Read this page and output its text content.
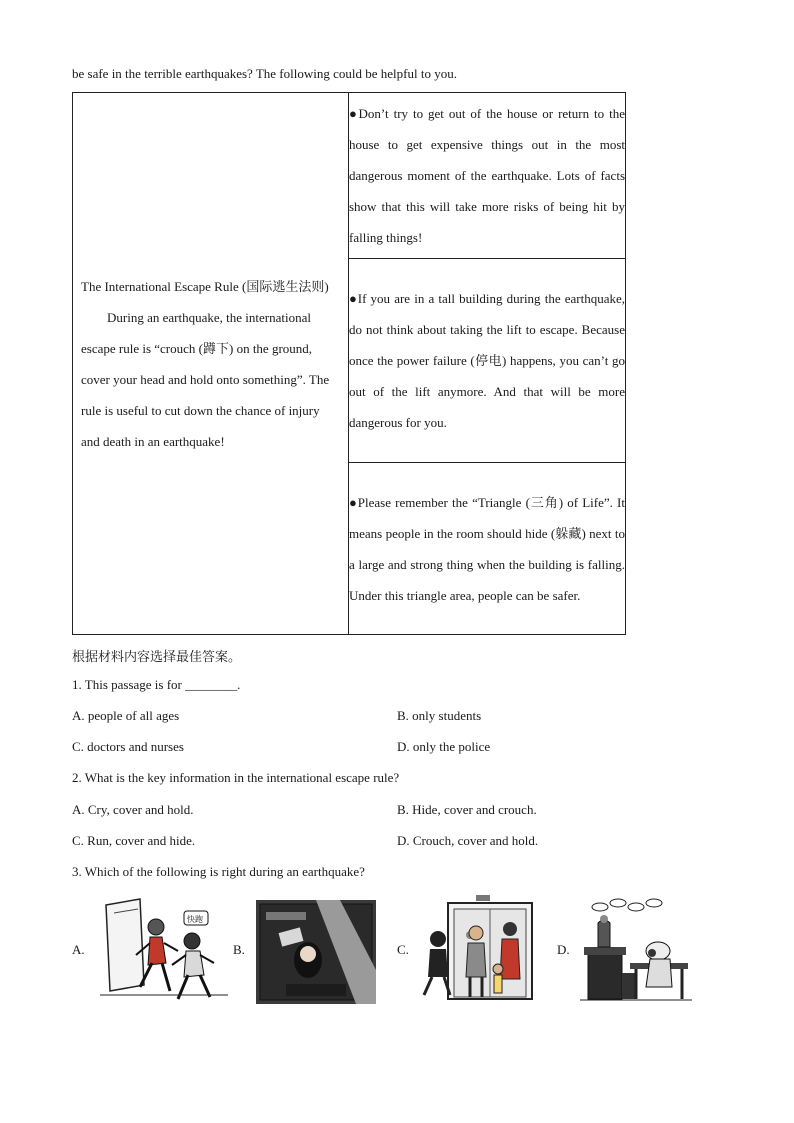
be safe in the terrible earthquakes? The following could be helpful to you.
The International Escape Rule (国际逃生法则)
During an earthquake, the international escape rule is “crouch (蹲下) on the ground, cover your head and hold onto something”. The rule is useful to cut down the chance of injury and death in an earthquake!
	●Don’t try to get out of the house or return to the house to get expensive things out in the most dangerous moment of the earthquake. Lots of facts show that this will take more risks of being hit by falling things!
●If you are in a tall building during the earthquake, do not think about taking the lift to escape. Because once the power failure (停电) happens, you can’t go out of the lift anymore. And that will be more dangerous for you.
●Please remember the “Triangle (三角) of Life”. It means people in the room should hide (躲藏) next to a large and strong thing when the building is falling. Under this triangle area, people can be safer.
根据材料内容选择最佳答案。
1. This passage is for ________.
A. people of all ages	B. only students
C. doctors and nurses	D. only the police
2. What is the key information in the international escape rule?
A. Cry, cover and hold.	B. Hide, cover and crouch.
C. Run, cover and hide.	D. Crouch, cover and hold.
3. Which of the following is right during an earthquake?
A.
快跑
B.	C.	D.
